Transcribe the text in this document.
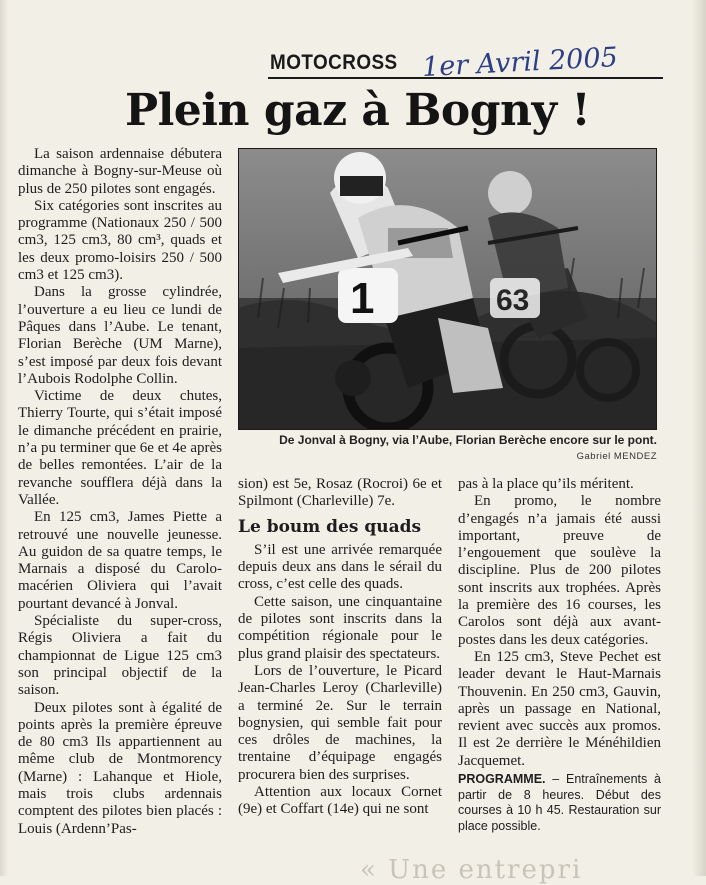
MOTOCROSS 1er Avril 2005
Plein gaz à Bogny !

La saison ardennaise débutera dimanche à Bogny-sur-Meuse où plus de 250 pilotes sont engagés.

Six catégories sont inscrites au programme (Nationaux 250 / 500 cm3, 125 cm3, 80 cm³, quads et les deux promo-loisirs 250 / 500 cm3 et 125 cm3).

Dans la grosse cylindrée, l’ouverture a eu lieu ce lundi de Pâques dans l’Aube. Le tenant, Florian Berèche (UM Marne), s’est imposé par deux fois devant l’Aubois Rodolphe Collin.

Victime de deux chutes, Thierry Tourte, qui s’était imposé le dimanche précédent en prairie, n’a pu terminer que 6e et 4e après de belles remontées. L’air de la revanche soufflera déjà dans la Vallée.

En 125 cm3, James Piette a retrouvé une nouvelle jeunesse. Au guidon de sa quatre temps, le Marnais a disposé du Carolo-macérien Oliviera qui l’avait pourtant devancé à Jonval.

Spécialiste du super-cross, Régis Oliviera a fait du championnat de Ligue 125 cm3 son principal objectif de la saison.

Deux pilotes sont à égalité de points après la première épreuve de 80 cm3 Ils appartiennent au même club de Montmorency (Marne) : Lahanque et Hiole, mais trois clubs ardennais comptent des pilotes bien placés : Louis (Ardenn’Pas-

63
1
De Jonval à Bogny, via l’Aube, Florian Berèche encore sur le pont.
Gabriel MENDEZ

sion) est 5e, Rosaz (Rocroi) 6e et Spilmont (Charleville) 7e.

Le boum des quads

S’il est une arrivée remarquée depuis deux ans dans le sérail du cross, c’est celle des quads.

Cette saison, une cinquantaine de pilotes sont inscrits dans la compétition régionale pour le plus grand plaisir des spectateurs.

Lors de l’ouverture, le Picard Jean-Charles Leroy (Charleville) a terminé 2e. Sur le terrain bognysien, qui semble fait pour ces drôles de machines, la trentaine d’équipage engagés procurera bien des surprises.

Attention aux locaux Cornet (9e) et Coffart (14e) qui ne sont

pas à la place qu’ils méritent.

En promo, le nombre d’engagés n’a jamais été aussi important, preuve de l’engouement que soulève la discipline. Plus de 200 pilotes sont inscrits aux trophées. Après la première des 16 courses, les Carolos sont déjà aux avant-postes dans les deux catégories.

En 125 cm3, Steve Pechet est leader devant le Haut-Marnais Thouvenin. En 250 cm3, Gauvin, après un passage en National, revient avec succès aux promos. Il est 2e derrière le Ménéhildien Jacquemet.

PROGRAMME. – Entraînements à partir de 8 heures. Début des courses à 10 h 45. Restauration sur place possible.
« Une entrepri
